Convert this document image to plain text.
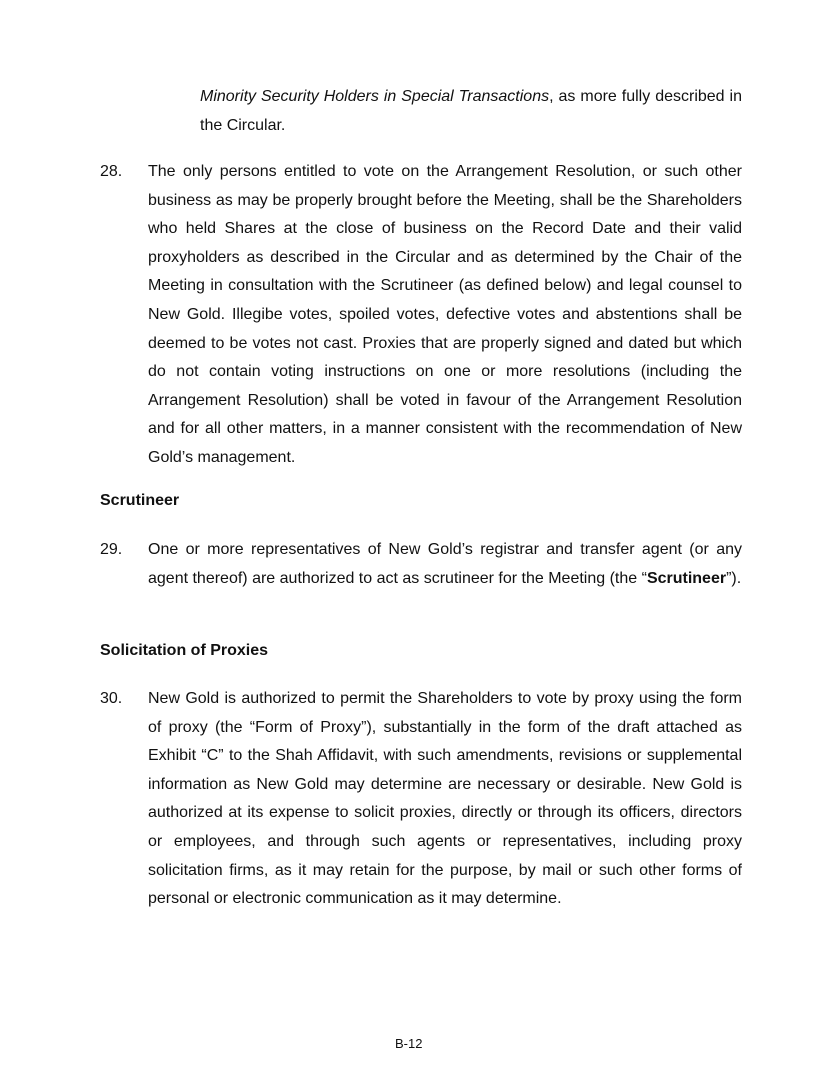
Minority Security Holders in Special Transactions, as more fully described in the Circular.

28. The only persons entitled to vote on the Arrangement Resolution, or such other business as may be properly brought before the Meeting, shall be the Shareholders who held Shares at the close of business on the Record Date and their valid proxyholders as described in the Circular and as determined by the Chair of the Meeting in consultation with the Scrutineer (as defined below) and legal counsel to New Gold. Illegibe votes, spoiled votes, defective votes and abstentions shall be deemed to be votes not cast. Proxies that are properly signed and dated but which do not contain voting instructions on one or more resolutions (including the Arrangement Resolution) shall be voted in favour of the Arrangement Resolution and for all other matters, in a manner consistent with the recommendation of New Gold’s management.

Scrutineer

29. One or more representatives of New Gold’s registrar and transfer agent (or any agent thereof) are authorized to act as scrutineer for the Meeting (the “Scrutineer”).

Solicitation of Proxies

30. New Gold is authorized to permit the Shareholders to vote by proxy using the form of proxy (the “Form of Proxy”), substantially in the form of the draft attached as Exhibit “C” to the Shah Affidavit, with such amendments, revisions or supplemental information as New Gold may determine are necessary or desirable. New Gold is authorized at its expense to solicit proxies, directly or through its officers, directors or employees, and through such agents or representatives, including proxy solicitation firms, as it may retain for the purpose, by mail or such other forms of personal or electronic communication as it may determine.

B-12
